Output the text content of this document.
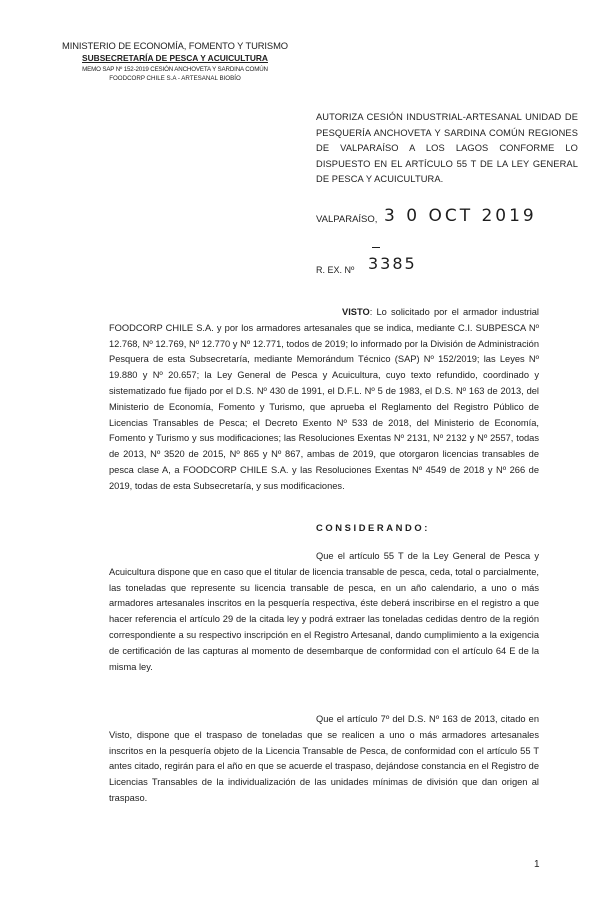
MINISTERIO DE ECONOMÍA, FOMENTO Y TURISMO
SUBSECRETARÍA DE PESCA Y ACUICULTURA
MEMO SAP Nº 152-2019 CESIÓN ANCHOVETA Y SARDINA COMÚN
FOODCORP CHILE S.A - ARTESANAL BIOBÍO

AUTORIZA CESIÓN INDUSTRIAL-ARTESANAL UNIDAD DE PESQUERÍA ANCHOVETA Y SARDINA COMÚN REGIONES DE VALPARAÍSO A LOS LAGOS CONFORME LO DISPUESTO EN EL ARTÍCULO 55 T DE LA LEY GENERAL DE PESCA Y ACUICULTURA.

VALPARAÍSO, 3 0 OCT 2019
R. EX. Nº 3385

VISTO: Lo solicitado por el armador industrial FOODCORP CHILE S.A. y por los armadores artesanales que se indica, mediante C.I. SUBPESCA Nº 12.768, Nº 12.769, Nº 12.770 y Nº 12.771, todos de 2019; lo informado por la División de Administración Pesquera de esta Subsecretaría, mediante Memorándum Técnico (SAP) Nº 152/2019; las Leyes Nº 19.880 y Nº 20.657; la Ley General de Pesca y Acuicultura, cuyo texto refundido, coordinado y sistematizado fue fijado por el D.S. Nº 430 de 1991, el D.F.L. Nº 5 de 1983, el D.S. Nº 163 de 2013, del Ministerio de Economía, Fomento y Turismo, que aprueba el Reglamento del Registro Público de Licencias Transables de Pesca; el Decreto Exento Nº 533 de 2018, del Ministerio de Economía, Fomento y Turismo y sus modificaciones; las Resoluciones Exentas Nº 2131, Nº 2132 y Nº 2557, todas de 2013, Nº 3520 de 2015, Nº 865 y Nº 867, ambas de 2019, que otorgaron licencias transables de pesca clase A, a FOODCORP CHILE S.A. y las Resoluciones Exentas Nº 4549 de 2018 y Nº 266 de 2019, todas de esta Subsecretaría, y sus modificaciones.

CONSIDERANDO:

Que el artículo 55 T de la Ley General de Pesca y Acuicultura dispone que en caso que el titular de licencia transable de pesca, ceda, total o parcialmente, las toneladas que represente su licencia transable de pesca, en un año calendario, a uno o más armadores artesanales inscritos en la pesquería respectiva, éste deberá inscribirse en el registro a que hacer referencia el artículo 29 de la citada ley y podrá extraer las toneladas cedidas dentro de la región correspondiente a su respectivo inscripción en el Registro Artesanal, dando cumplimiento a la exigencia de certificación de las capturas al momento de desembarque de conformidad con el artículo 64 E de la misma ley.

Que el artículo 7º del D.S. Nº 163 de 2013, citado en Visto, dispone que el traspaso de toneladas que se realicen a uno o más armadores artesanales inscritos en la pesquería objeto de la Licencia Transable de Pesca, de conformidad con el artículo 55 T antes citado, regirán para el año en que se acuerde el traspaso, dejándose constancia en el Registro de Licencias Transables de la individualización de las unidades mínimas de división que dan origen al traspaso.

1
